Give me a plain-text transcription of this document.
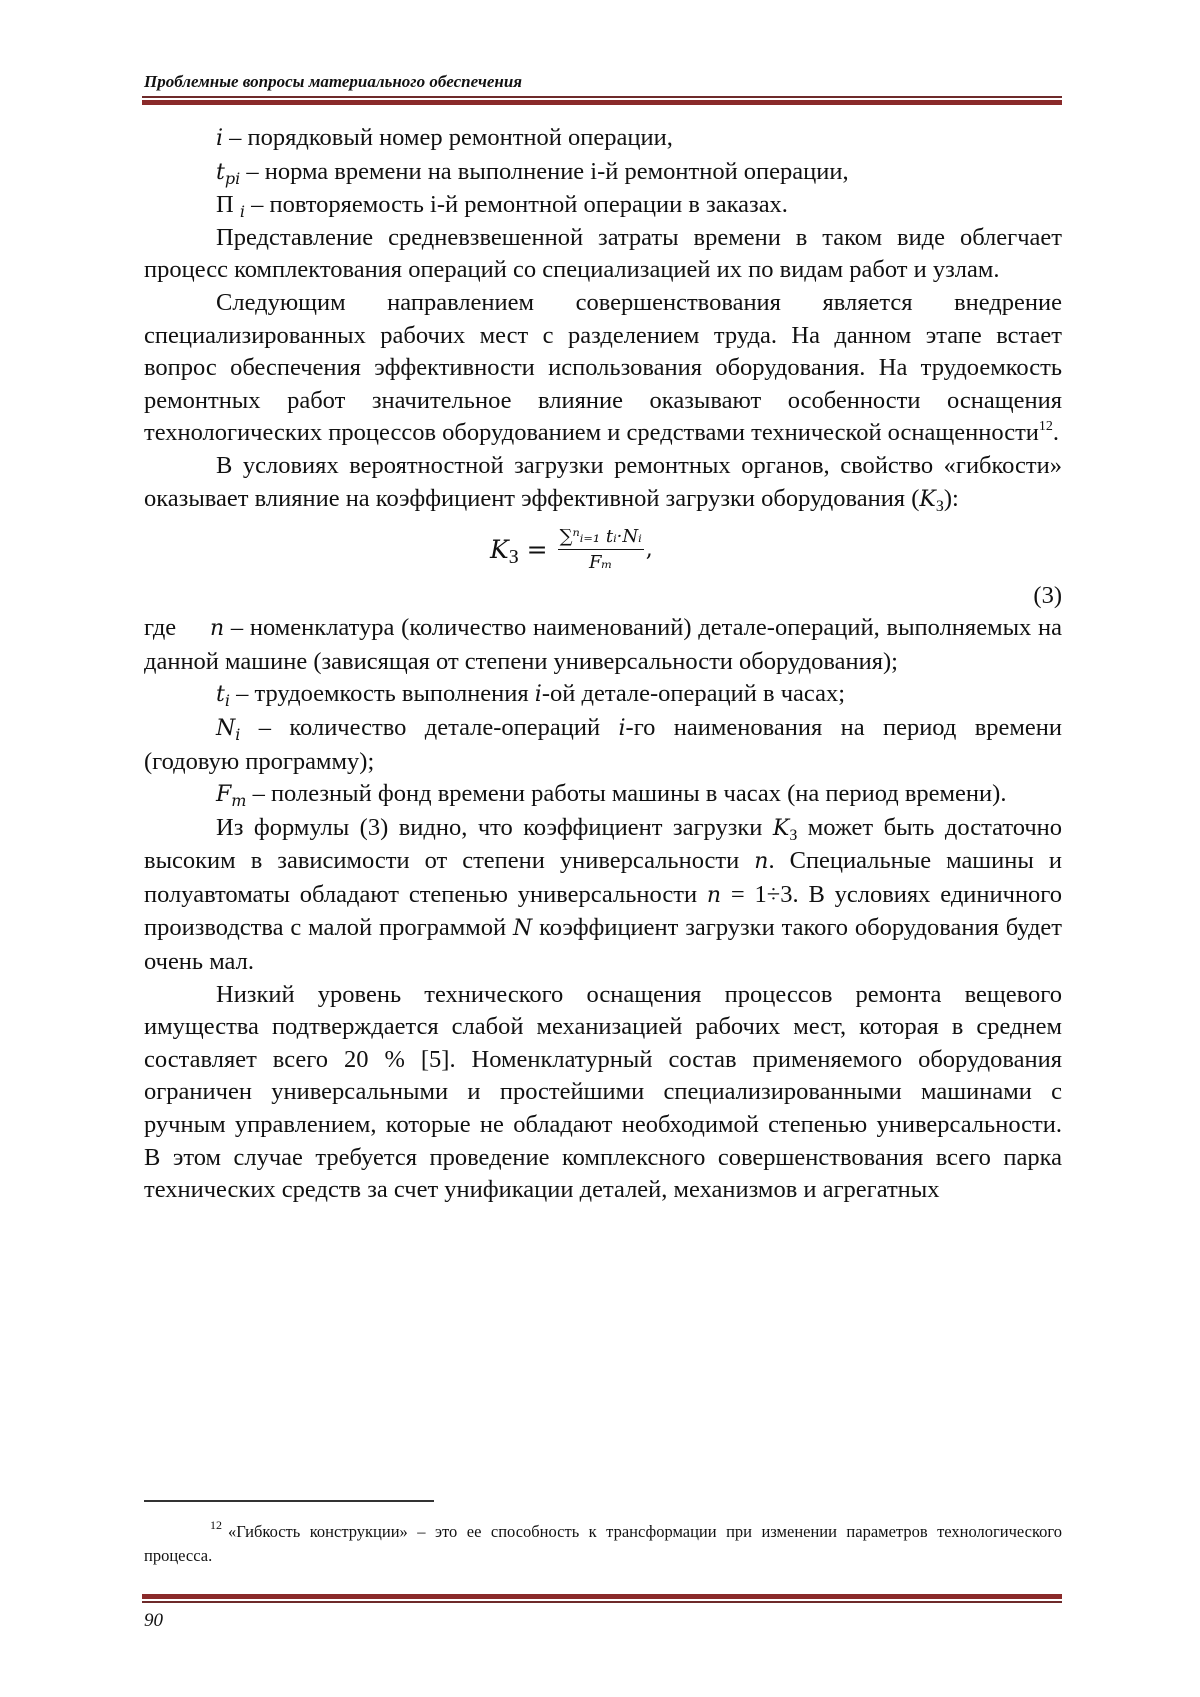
Проблемные вопросы материального обеспечения

i – порядковый номер ремонтной операции,

$t_{pi}$ – норма времени на выполнение i-й ремонтной операции,

П $_i$ – повторяемость i-й ремонтной операции в заказах.

Представление средневзвешенной затраты времени в таком виде облегчает процесс комплектования операций со специализацией их по видам работ и узлам.

Следующим направлением совершенствования является внедрение специализированных рабочих мест с разделением труда. На данном этапе встает вопрос обеспечения эффективности использования оборудования. На трудоемкость ремонтных работ значительное влияние оказывают особенности оснащения технологических процессов оборудованием и средствами технической оснащенности$^{12}$.

В условиях вероятностной загрузки ремонтных органов, свойство «гибкости» оказывает влияние на коэффициент эффективной загрузки оборудования $(K_З)$:

$K_З = \frac{\text{∑ⁿᵢ₌₁ tᵢ·Nᵢ}}{\text{Fₘ}}$ ,
(3)

где     n – номенклатура (количество наименований) детале-операций, выполняемых на данной машине (зависящая от степени универсальности оборудования);

$t_i$ – трудоемкость выполнения i-ой детале-операций в часах;

$N_i$ – количество детале-операций i-го наименования на период времени (годовую программу);

$F_m$ – полезный фонд времени работы машины в часах (на период времени).

Из формулы (3) видно, что коэффициент загрузки $K_З$ может быть достаточно высоким в зависимости от степени универсальности n. Специальные машины и полуавтоматы обладают степенью универсальности n = 1÷3. В условиях единичного производства с малой программой N коэффициент загрузки такого оборудования будет очень мал.

Низкий уровень технического оснащения процессов ремонта вещевого имущества подтверждается слабой механизацией рабочих мест, которая в среднем составляет всего 20 % [5]. Номенклатурный состав применяемого оборудования ограничен универсальными и простейшими специализированными машинами с ручным управлением, которые не обладают необходимой степенью универсальности. В этом случае требуется проведение комплексного совершенствования всего парка технических средств за счет унификации деталей, механизмов и агрегатных

$^{12}$ «Гибкость конструкции» – это ее способность к трансформации при изменении параметров технологического процесса.
90
